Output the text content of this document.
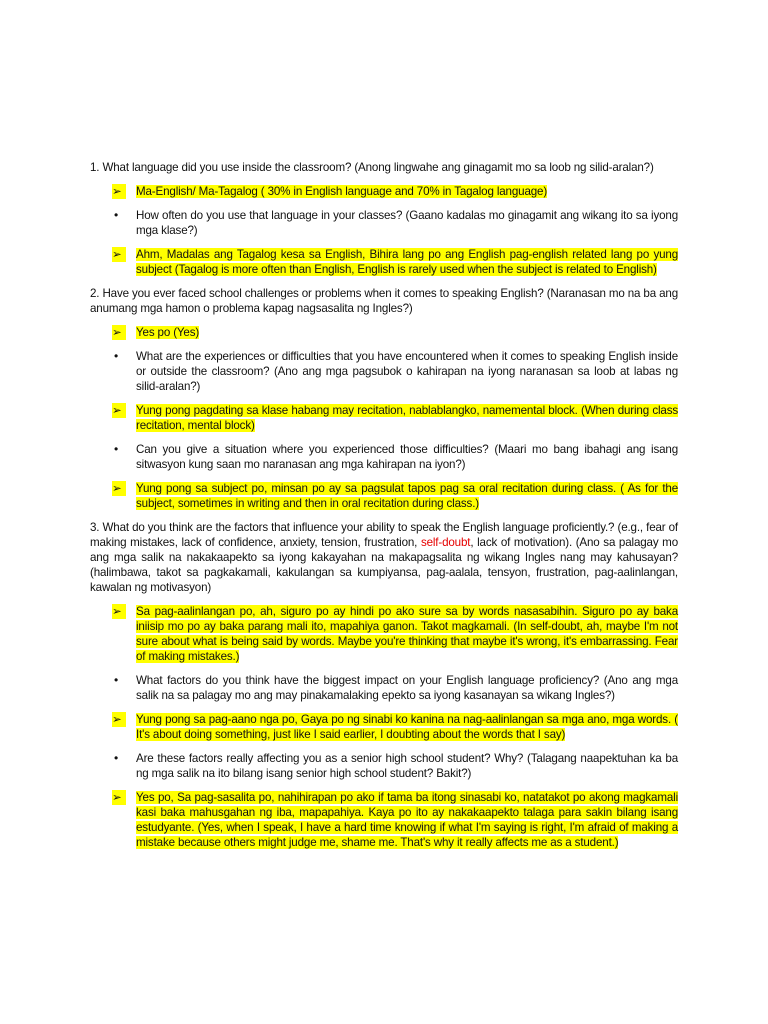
1. What language did you use inside the classroom? (Anong lingwahe ang ginagamit mo sa loob ng silid-aralan?)

➢	Ma-English/ Ma-Tagalog ( 30% in English language and 70% in Tagalog language)
•	How often do you use that language in your classes? (Gaano kadalas mo ginagamit ang wikang ito sa iyong mga klase?)
➢	Ahm, Madalas ang Tagalog kesa sa English, Bihira lang po ang English pag-english related lang po yung subject (Tagalog is more often than English, English is rarely used when the subject is related to English)

2. Have you ever faced school challenges or problems when it comes to speaking English? (Naranasan mo na ba ang anumang mga hamon o problema kapag nagsasalita ng Ingles?)

➢	Yes po (Yes)
•	What are the experiences or difficulties that you have encountered when it comes to speaking English inside or outside the classroom? (Ano ang mga pagsubok o kahirapan na iyong naranasan sa loob at labas ng silid-aralan?)
➢	Yung pong pagdating sa klase habang may recitation, nablablangko, namemental block. (When during class recitation, mental block)
•	Can you give a situation where you experienced those difficulties? (Maari mo bang ibahagi ang isang sitwasyon kung saan mo naranasan ang mga kahirapan na iyon?)
➢	Yung pong sa subject po, minsan po ay sa pagsulat tapos pag sa oral recitation during class. ( As for the subject, sometimes in writing and then in oral recitation during class.)

3. What do you think are the factors that influence your ability to speak the English language proficiently.? (e.g., fear of making mistakes, lack of confidence, anxiety, tension, frustration, self-doubt, lack of motivation). (Ano sa palagay mo ang mga salik na nakakaapekto sa iyong kakayahan na makapagsalita ng wikang Ingles nang may kahusayan? (halimbawa, takot sa pagkakamali, kakulangan sa kumpiyansa, pag-aalala, tensyon, frustration, pag-aalinlangan, kawalan ng motivasyon)

➢	Sa pag-aalinlangan po, ah, siguro po ay hindi po ako sure sa by words nasasabihin. Siguro po ay baka iniisip mo po ay baka parang mali ito, mapahiya ganon. Takot magkamali. (In self-doubt, ah, maybe I'm not sure about what is being said by words. Maybe you're thinking that maybe it's wrong, it's embarrassing. Fear of making mistakes.)
•	What factors do you think have the biggest impact on your English language proficiency? (Ano ang mga salik na sa palagay mo ang may pinakamalaking epekto sa iyong kasanayan sa wikang Ingles?)
➢	Yung pong sa pag-aano nga po, Gaya po ng sinabi ko kanina na nag-aalinlangan sa mga ano, mga words. ( It's about doing something, just like I said earlier, I doubting about the words that I say)
•	Are these factors really affecting you as a senior high school student? Why? (Talagang naapektuhan ka ba ng mga salik na ito bilang isang senior high school student? Bakit?)
➢	Yes po, Sa pag-sasalita po, nahihirapan po ako if tama ba itong sinasabi ko, natatakot po akong magkamali kasi baka mahusgahan ng iba, mapapahiya. Kaya po ito ay nakakaapekto talaga para sakin bilang isang estudyante. (Yes, when I speak, I have a hard time knowing if what I'm saying is right, I'm afraid of making a mistake because others might judge me, shame me. That's why it really affects me as a student.)
